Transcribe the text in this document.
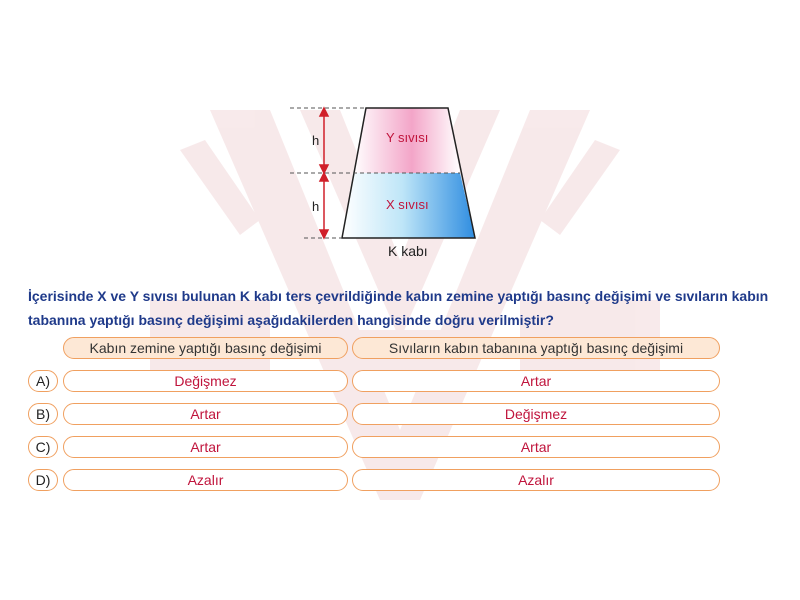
h
h
Y sıvısı
X sıvısı
K kabı
İçerisinde X ve Y sıvısı bulunan K kabı ters çevrildiğinde kabın zemine yaptığı basınç değişimi ve sıvıların kabın tabanına yaptığı basınç değişimi aşağıdakilerden hangisinde doğru verilmiştir?
Kabın zemine yaptığı basınç değişimi	Sıvıların kabın tabanına yaptığı basınç değişimi
A)	Değişmez	Artar
B)	Artar	Değişmez
C)	Artar	Artar
D)	Azalır	Azalır
